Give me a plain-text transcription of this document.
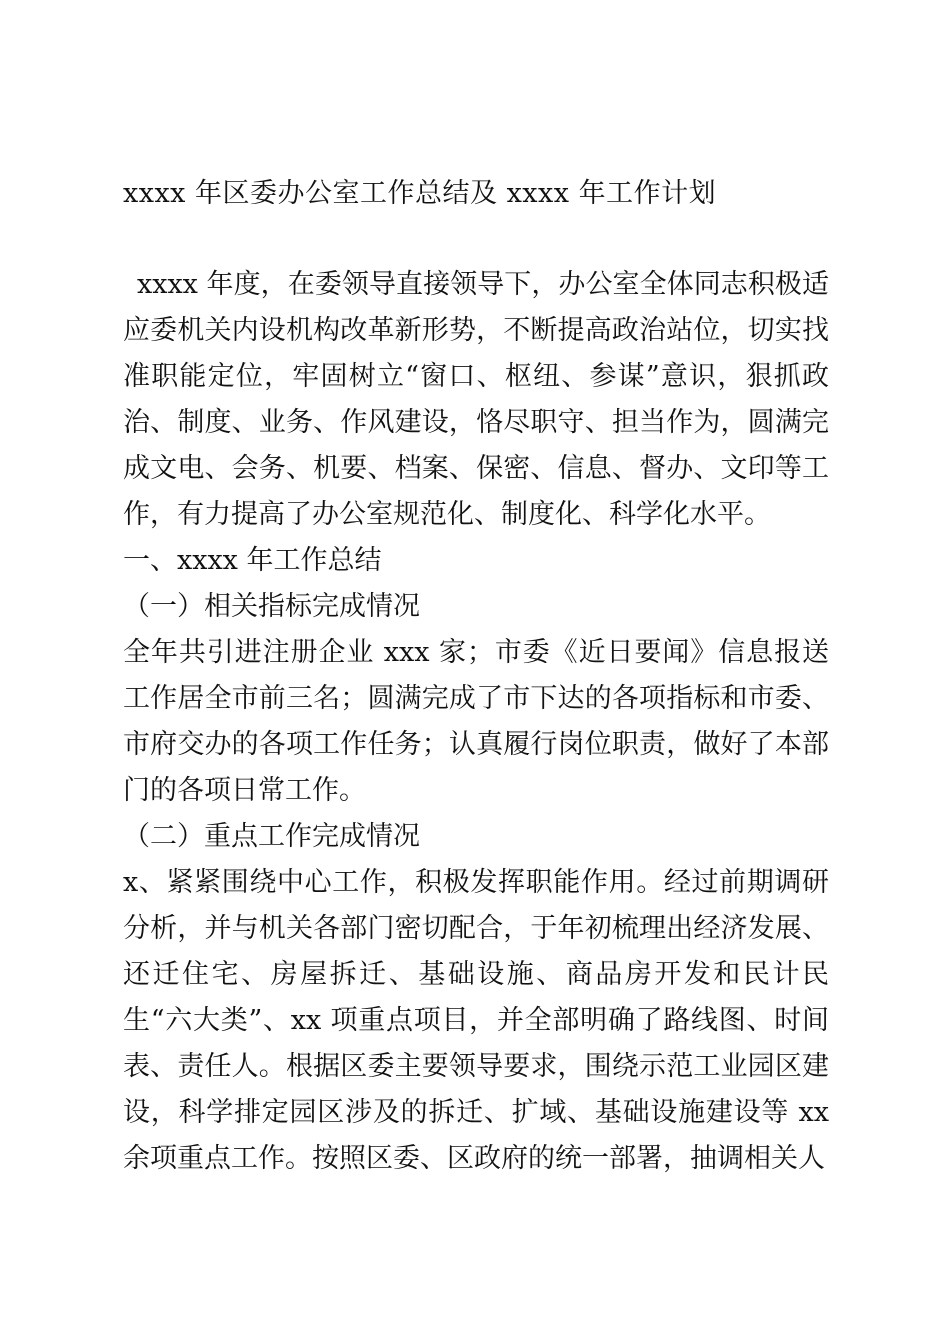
xxxx 年区委办公室工作总结及 xxxx 年工作计划

xxxx 年度，在委领导直接领导下，办公室全体同志积极适应委机关内设机构改革新形势，不断提高政治站位，切实找准职能定位，牢固树立“窗口、枢纽、参谋”意识，狠抓政治、制度、业务、作风建设，恪尽职守、担当作为，圆满完成文电、会务、机要、档案、保密、信息、督办、文印等工作，有力提高了办公室规范化、制度化、科学化水平。

一、xxxx 年工作总结

（一）相关指标完成情况

全年共引进注册企业 xxx 家；市委《近日要闻》信息报送工作居全市前三名；圆满完成了市下达的各项指标和市委、市府交办的各项工作任务；认真履行岗位职责，做好了本部门的各项日常工作。

（二）重点工作完成情况

x、紧紧围绕中心工作，积极发挥职能作用。经过前期调研分析，并与机关各部门密切配合，于年初梳理出经济发展、还迁住宅、房屋拆迁、基础设施、商品房开发和民计民生“六大类”、xx 项重点项目，并全部明确了路线图、时间表、责任人。根据区委主要领导要求，围绕示范工业园区建设，科学排定园区涉及的拆迁、扩域、基础设施建设等 xx 余项重点工作。按照区委、区政府的统一部署，抽调相关人
